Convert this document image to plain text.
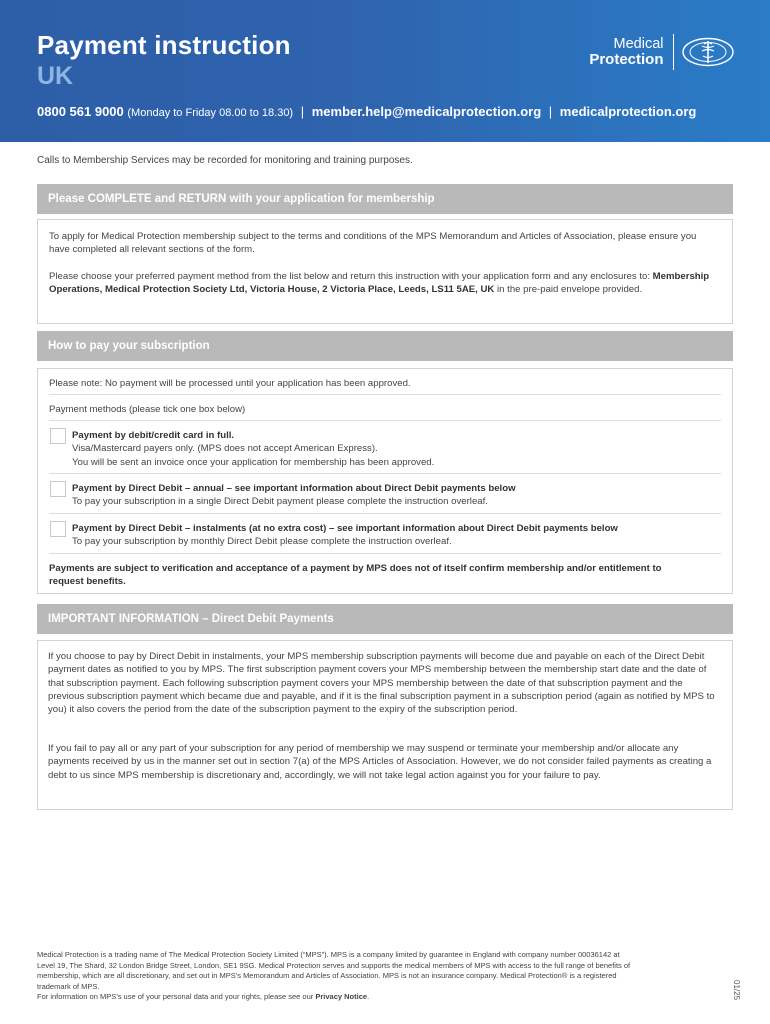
Payment instruction
UK
Medical
Protection
0800 561 9000 (Monday to Friday 08.00 to 18.30) | member.help@medicalprotection.org | medicalprotection.org
Calls to Membership Services may be recorded for monitoring and training purposes.
Please COMPLETE and RETURN with your application for membership
To apply for Medical Protection membership subject to the terms and conditions of the MPS Memorandum and Articles of Association, please ensure you have completed all relevant sections of the form.
Please choose your preferred payment method from the list below and return this instruction with your application form and any enclosures to: Membership Operations, Medical Protection Society Ltd, Victoria House, 2 Victoria Place, Leeds, LS11 5AE, UK in the pre-paid envelope provided.
How to pay your subscription
Please note: No payment will be processed until your application has been approved.
Payment methods (please tick one box below)
Payment by debit/credit card in full.
Visa/Mastercard payers only. (MPS does not accept American Express).
You will be sent an invoice once your application for membership has been approved.
Payment by Direct Debit – annual – see important information about Direct Debit payments below
To pay your subscription in a single Direct Debit payment please complete the instruction overleaf.
Payment by Direct Debit – instalments (at no extra cost) – see important information about Direct Debit payments below
To pay your subscription by monthly Direct Debit please complete the instruction overleaf.
Payments are subject to verification and acceptance of a payment by MPS does not of itself confirm membership and/or entitlement to request benefits.
IMPORTANT INFORMATION – Direct Debit Payments
If you choose to pay by Direct Debit in instalments, your MPS membership subscription payments will become due and payable on each of the Direct Debit payment dates as notified to you by MPS. The first subscription payment covers your MPS membership between the membership start date and the date of that subscription payment. Each following subscription payment covers your MPS membership between the date of that subscription payment and the previous subscription payment which became due and payable, and if it is the final subscription payment in a subscription period (again as notified by MPS to you) it also covers the period from the date of the subscription payment to the expiry of the subscription period.
If you fail to pay all or any part of your subscription for any period of membership we may suspend or terminate your membership and/or allocate any payments received by us in the manner set out in section 7(a) of the MPS Articles of Association. However, we do not consider failed payments as creating a debt to us since MPS membership is discretionary and, accordingly, we will not take legal action against you for your failure to pay.
Medical Protection is a trading name of The Medical Protection Society Limited (“MPS”). MPS is a company limited by guarantee in England with company number 00036142 at Level 19, The Shard, 32 London Bridge Street, London, SE1 9SG. Medical Protection serves and supports the medical members of MPS with access to the full range of benefits of membership, which are all discretionary, and set out in MPS’s Memorandum and Articles of Association. MPS is not an insurance company. Medical Protection® is a registered trademark of MPS.
For information on MPS’s use of your personal data and your rights, please see our Privacy Notice.	01/25
